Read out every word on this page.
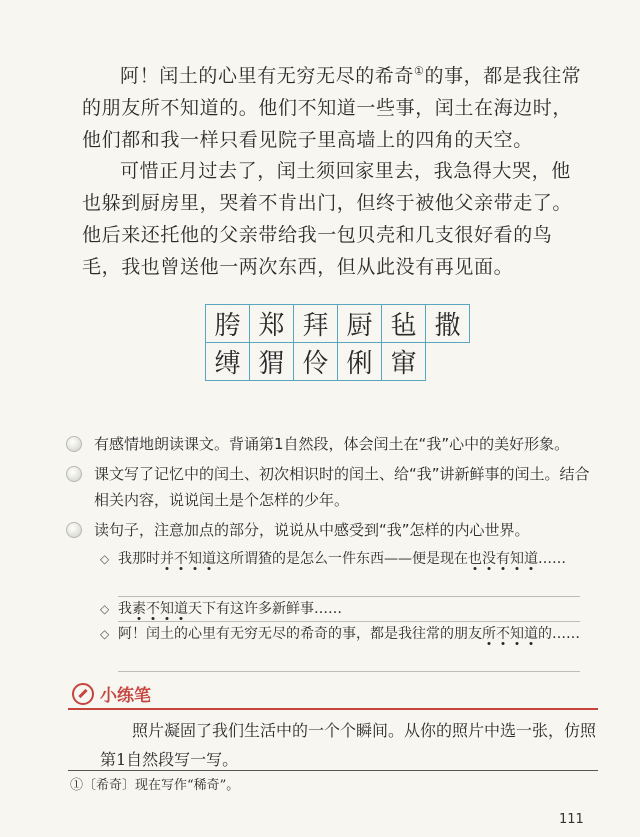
阿！闰土的心里有无穷无尽的希奇①的事，都是我往常的朋友所不知道的。他们不知道一些事，闰土在海边时，他们都和我一样只看见院子里高墙上的四角的天空。

可惜正月过去了，闰土须回家里去，我急得大哭，他也躲到厨房里，哭着不肯出门，但终于被他父亲带走了。他后来还托他的父亲带给我一包贝壳和几支很好看的鸟毛，我也曾送他一两次东西，但从此没有再见面。

胯	郑	拜	厨	毡	撒
缚	猬	伶	俐	窜	
有感情地朗读课文。背诵第1自然段，体会闰土在“我”心中的美好形象。
课文写了记忆中的闰土、初次相识时的闰土、给“我”讲新鲜事的闰土。结合相关内容，说说闰土是个怎样的少年。
读句子，注意加点的部分，说说从中感受到“我”怎样的内心世界。
◇ 我那时并不知道这所谓猹的是怎么一件东西——便是现在也没有知道……
◇ 我素不知道天下有这许多新鲜事……
◇ 阿！闰土的心里有无穷无尽的希奇的事，都是我往常的朋友所不知道的……
小练笔

照片凝固了我们生活中的一个个瞬间。从你的照片中选一张，仿照第1自然段写一写。

①〔希奇〕现在写作“稀奇”。
111
